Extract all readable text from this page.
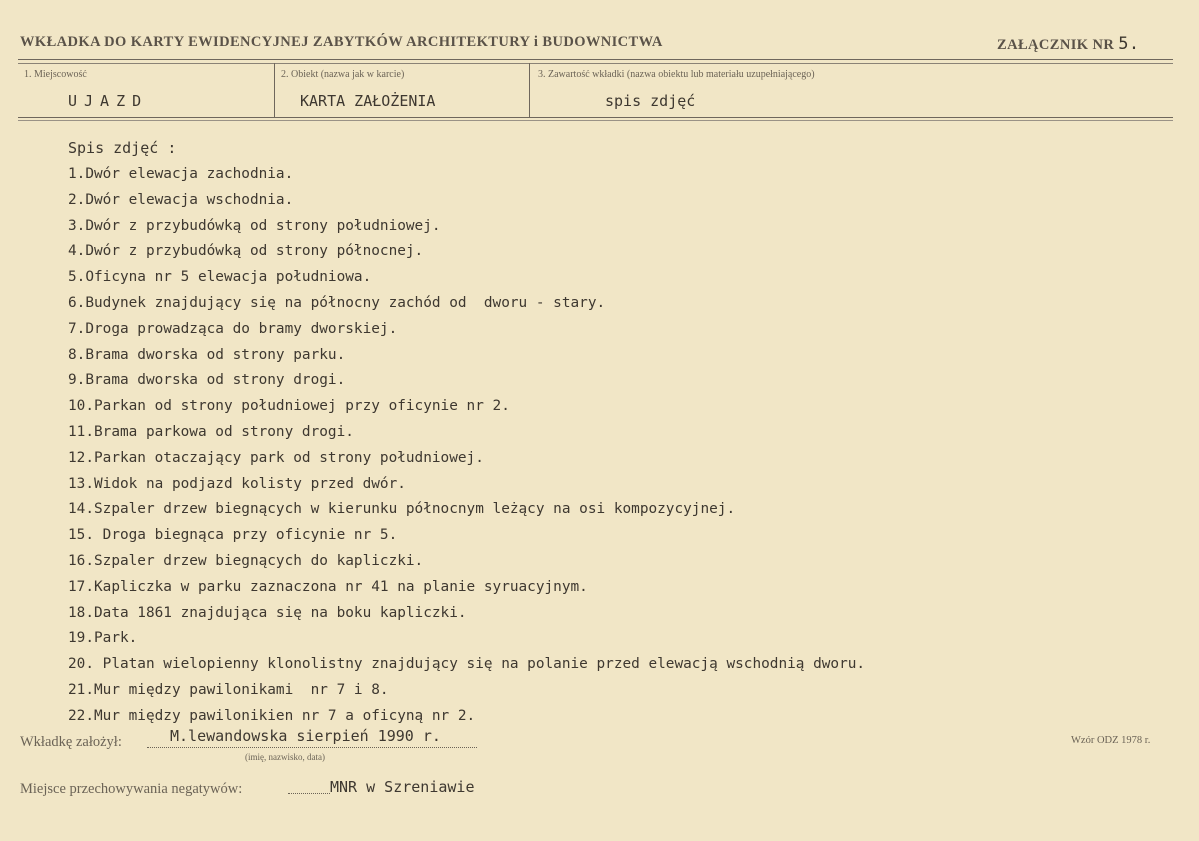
WKŁADKA DO KARTY EWIDENCYJNEJ ZABYTKÓW ARCHITEKTURY i BUDOWNICTWA	ZAŁĄCZNIK NR 5.
1. Miejscowość	2. Obiekt (nazwa jak w karcie)	3. Zawartość wkładki (nazwa obiektu lub materiału uzupełniającego)
UJAZD	KARTA ZAŁOŻENIA	spis zdjęć
Spis zdjęć :
1.Dwór elewacja zachodnia.
2.Dwór elewacja wschodnia.
3.Dwór z przybudówką od strony południowej.
4.Dwór z przybudówką od strony północnej.
5.Oficyna nr 5 elewacja południowa.
6.Budynek znajdujący się na północny zachód od  dworu - stary.
7.Droga prowadząca do bramy dworskiej.
8.Brama dworska od strony parku.
9.Brama dworska od strony drogi.
10.Parkan od strony południowej przy oficynie nr 2.
11.Brama parkowa od strony drogi.
12.Parkan otaczający park od strony południowej.
13.Widok na podjazd kolisty przed dwór.
14.Szpaler drzew biegnących w kierunku północnym leżący na osi kompozycyjnej.
15. Droga biegnąca przy oficynie nr 5.
16.Szpaler drzew biegnących do kapliczki.
17.Kapliczka w parku zaznaczona nr 41 na planie syruacyjnym.
18.Data 1861 znajdująca się na boku kapliczki.
19.Park.
20. Platan wielopienny klonolistny znajdujący się na polanie przed elewacją wschodnią dworu.
21.Mur między pawilonikami  nr 7 i 8.
22.Mur między pawilonikien nr 7 a oficyną nr 2.
Wkładkę założył:	M.lewandowska sierpień 1990 r.
(imię, nazwisko, data)
Miejsce przechowywania negatywów:	MNR w Szreniawie
Wzór ODZ 1978 r.
